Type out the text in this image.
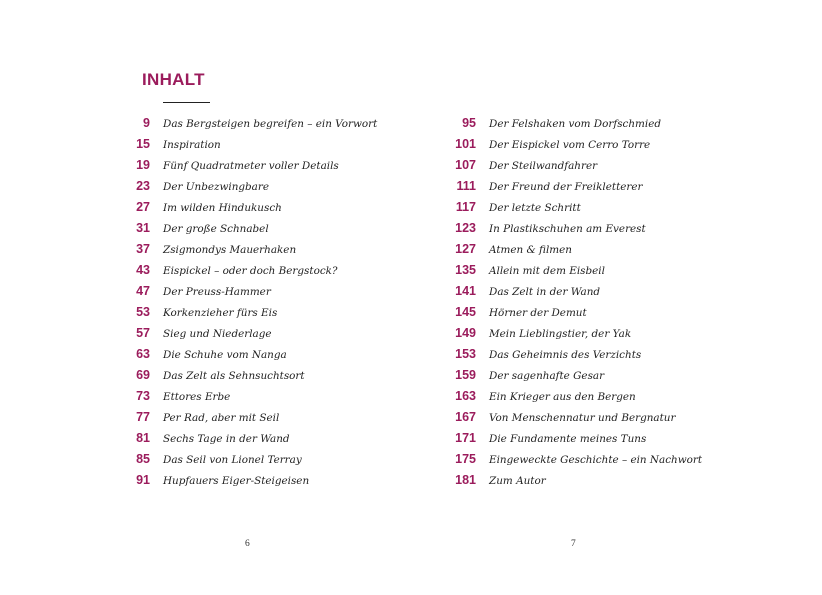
INHALT
9	Das Bergsteigen begreifen – ein Vorwort
15	Inspiration
19	Fünf Quadratmeter voller Details
23	Der Unbezwingbare
27	Im wilden Hindukusch
31	Der große Schnabel
37	Zsigmondys Mauerhaken
43	Eispickel – oder doch Bergstock?
47	Der Preuss-Hammer
53	Korkenzieher fürs Eis
57	Sieg und Niederlage
63	Die Schuhe vom Nanga
69	Das Zelt als Sehnsuchtsort
73	Ettores Erbe
77	Per Rad, aber mit Seil
81	Sechs Tage in der Wand
85	Das Seil von Lionel Terray
91	Hupfauers Eiger-Steigeisen
95	Der Felshaken vom Dorfschmied
101	Der Eispickel vom Cerro Torre
107	Der Steilwandfahrer
111	Der Freund der Freikletterer
117	Der letzte Schritt
123	In Plastikschuhen am Everest
127	Atmen & filmen
135	Allein mit dem Eisbeil
141	Das Zelt in der Wand
145	Hörner der Demut
149	Mein Lieblingstier, der Yak
153	Das Geheimnis des Verzichts
159	Der sagenhafte Gesar
163	Ein Krieger aus den Bergen
167	Von Menschennatur und Bergnatur
171	Die Fundamente meines Tuns
175	Eingeweckte Geschichte – ein Nachwort
181	Zum Autor
6	7
